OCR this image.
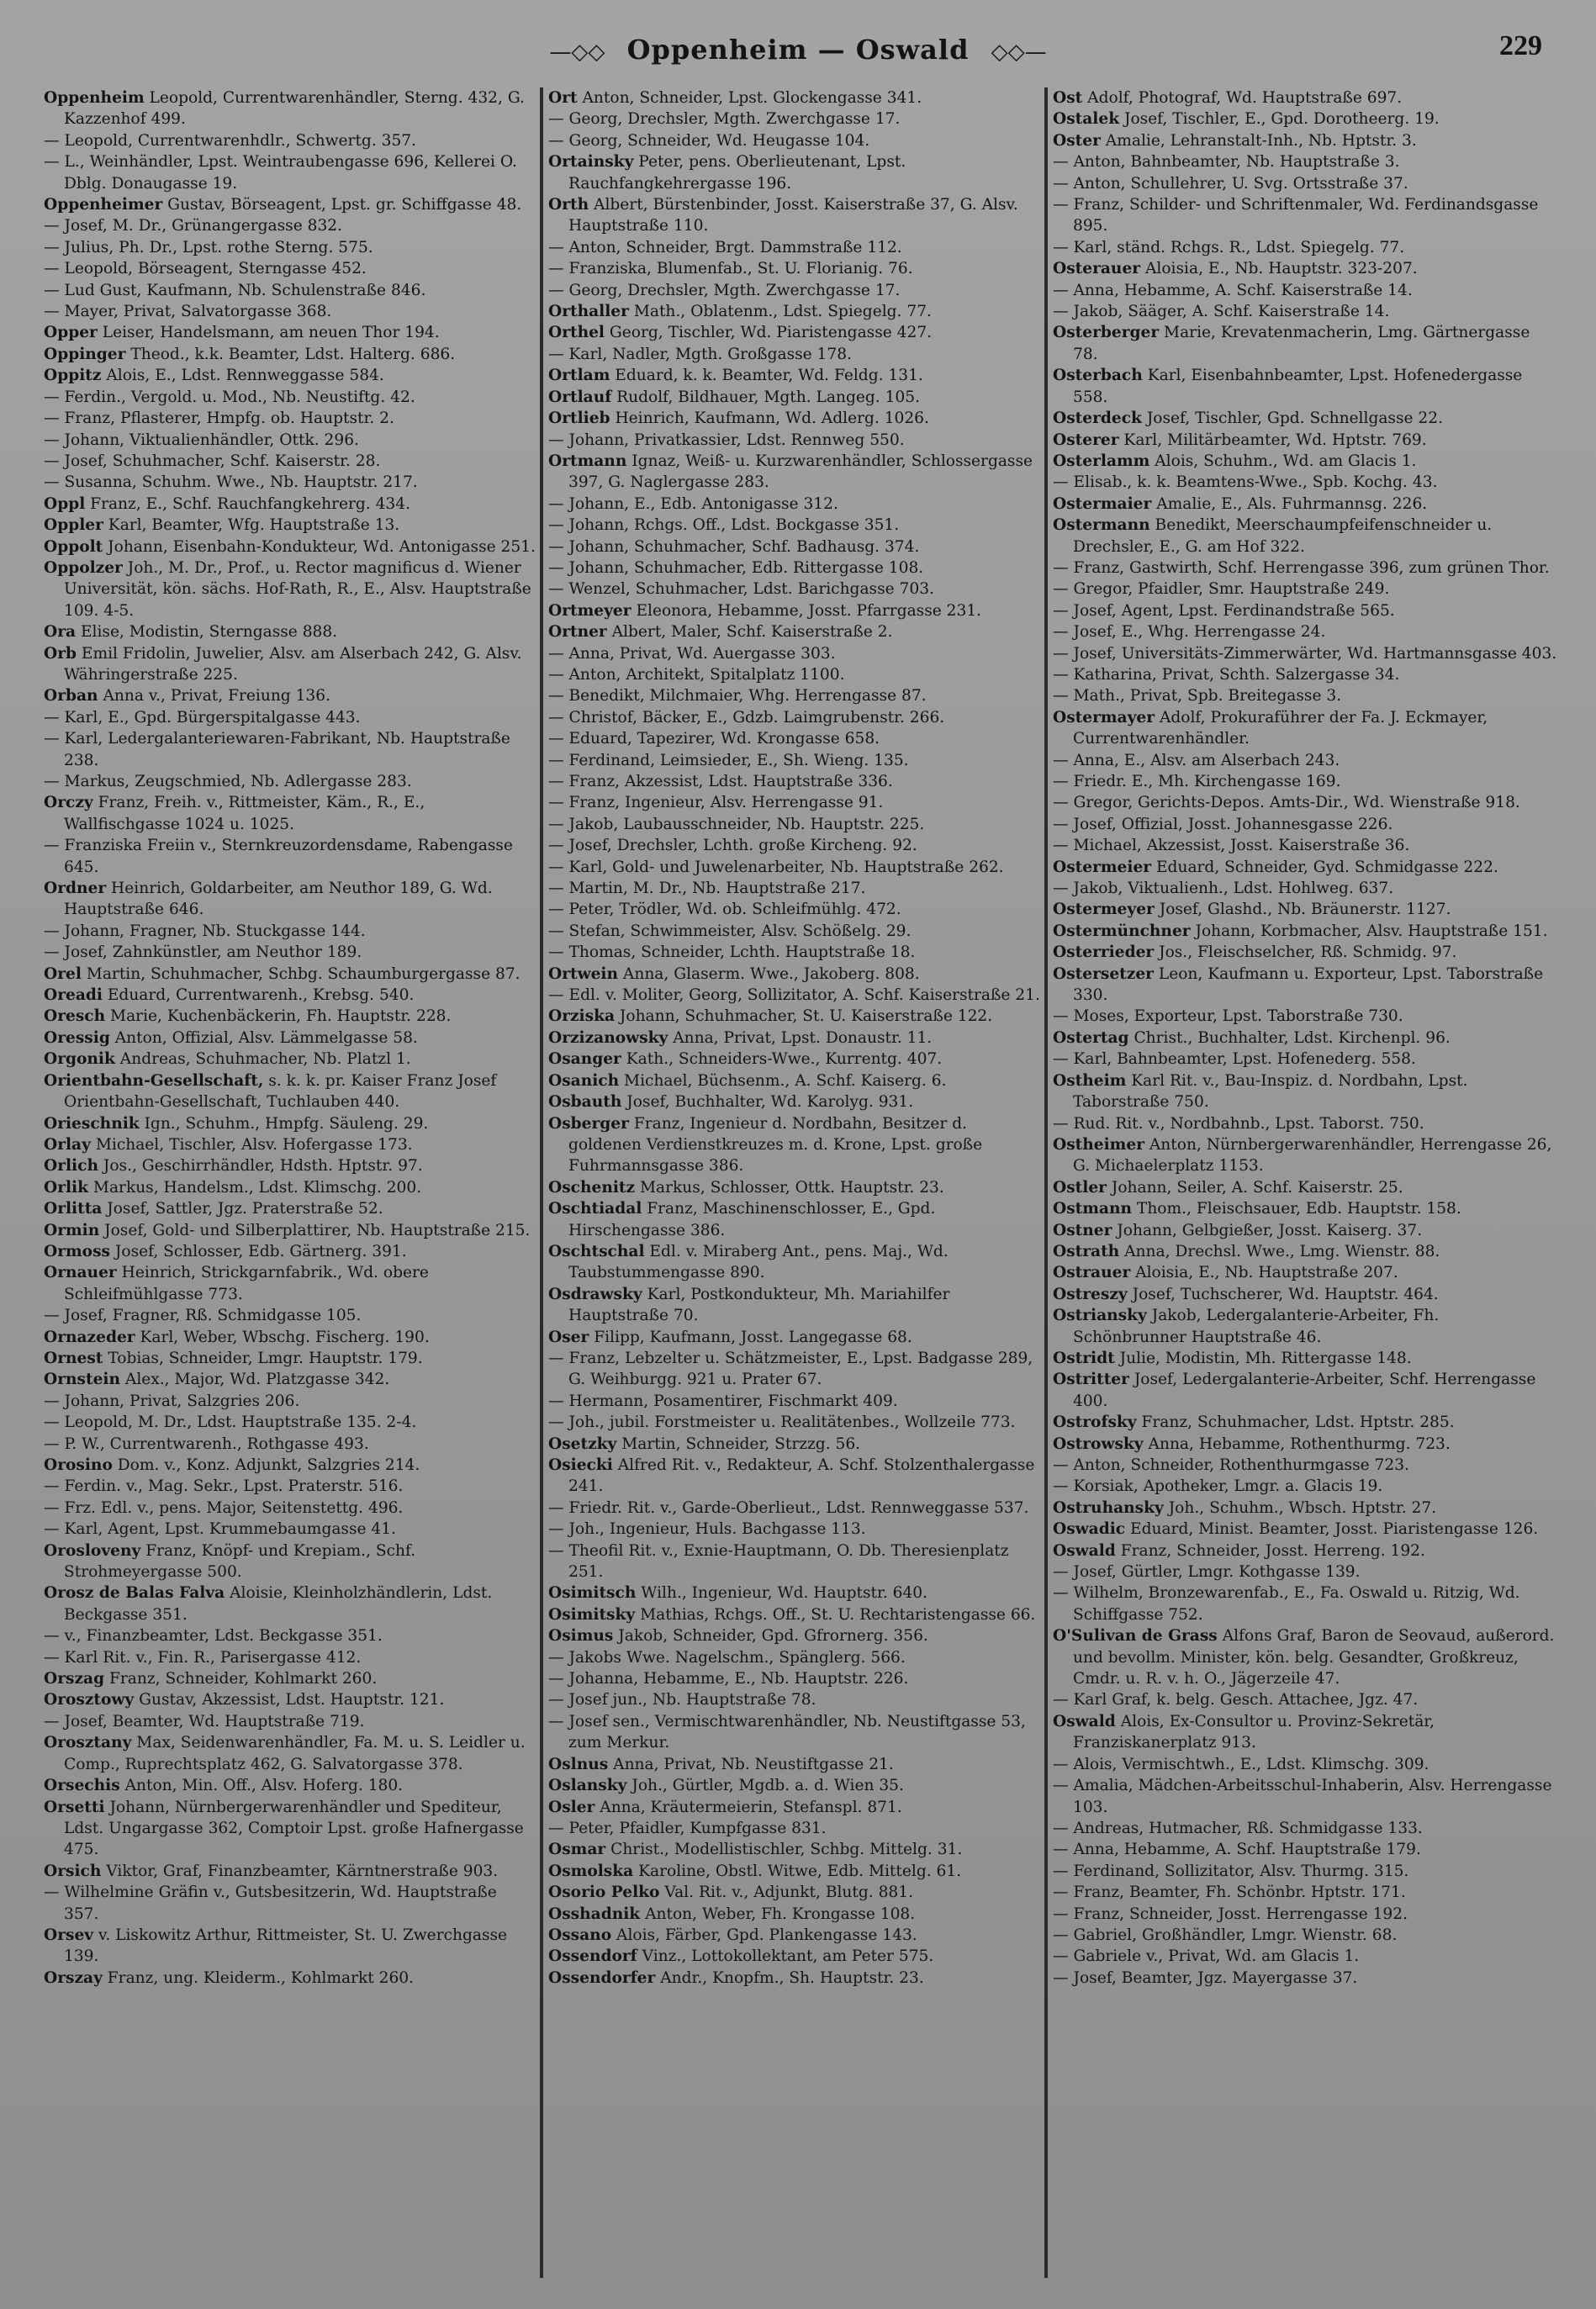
—◇◇ Oppenheim — Oswald ◇◇—	229

Oppenheim Leopold, Currentwarenhändler, Sterng. 432, G. Kazzenhof 499.

— Leopold, Currentwarenhdlr., Schwertg. 357.

— L., Weinhändler, Lpst. Weintraubengasse 696, Kellerei O. Dblg. Donaugasse 19.

Oppenheimer Gustav, Börseagent, Lpst. gr. Schiffgasse 48.

— Josef, M. Dr., Grünangergasse 832.

— Julius, Ph. Dr., Lpst. rothe Sterng. 575.

— Leopold, Börseagent, Sterngasse 452.

— Lud Gust, Kaufmann, Nb. Schulenstraße 846.

— Mayer, Privat, Salvatorgasse 368.

Opper Leiser, Handelsmann, am neuen Thor 194.

Oppinger Theod., k.k. Beamter, Ldst. Halterg. 686.

Oppitz Alois, E., Ldst. Rennweggasse 584.

— Ferdin., Vergold. u. Mod., Nb. Neustiftg. 42.

— Franz, Pflasterer, Hmpfg. ob. Hauptstr. 2.

— Johann, Viktualienhändler, Ottk. 296.

— Josef, Schuhmacher, Schf. Kaiserstr. 28.

— Susanna, Schuhm. Wwe., Nb. Hauptstr. 217.

Oppl Franz, E., Schf. Rauchfangkehrerg. 434.

Oppler Karl, Beamter, Wfg. Hauptstraße 13.

Oppolt Johann, Eisenbahn-Kondukteur, Wd. Antonigasse 251.

Oppolzer Joh., M. Dr., Prof., u. Rector magnificus d. Wiener Universität, kön. sächs. Hof-Rath, R., E., Alsv. Hauptstraße 109. 4-5.

Ora Elise, Modistin, Sterngasse 888.

Orb Emil Fridolin, Juwelier, Alsv. am Alserbach 242, G. Alsv. Währingerstraße 225.

Orban Anna v., Privat, Freiung 136.

— Karl, E., Gpd. Bürgerspitalgasse 443.

— Karl, Ledergalanteriewaren-Fabrikant, Nb. Hauptstraße 238.

— Markus, Zeugschmied, Nb. Adlergasse 283.

Orczy Franz, Freih. v., Rittmeister, Käm., R., E., Wallfischgasse 1024 u. 1025.

— Franziska Freiin v., Sternkreuzordensdame, Rabengasse 645.

Ordner Heinrich, Goldarbeiter, am Neuthor 189, G. Wd. Hauptstraße 646.

— Johann, Fragner, Nb. Stuckgasse 144.

— Josef, Zahnkünstler, am Neuthor 189.

Orel Martin, Schuhmacher, Schbg. Schaumburgergasse 87.

Oreadi Eduard, Currentwarenh., Krebsg. 540.

Oresch Marie, Kuchenbäckerin, Fh. Hauptstr. 228.

Oressig Anton, Offizial, Alsv. Lämmelgasse 58.

Orgonik Andreas, Schuhmacher, Nb. Platzl 1.

Orientbahn-Gesellschaft, s. k. k. pr. Kaiser Franz Josef Orientbahn-Gesellschaft, Tuchlauben 440.

Orieschnik Ign., Schuhm., Hmpfg. Säuleng. 29.

Orlay Michael, Tischler, Alsv. Hofergasse 173.

Orlich Jos., Geschirrhändler, Hdsth. Hptstr. 97.

Orlik Markus, Handelsm., Ldst. Klimschg. 200.

Orlitta Josef, Sattler, Jgz. Praterstraße 52.

Ormin Josef, Gold- und Silberplattirer, Nb. Hauptstraße 215.

Ormoss Josef, Schlosser, Edb. Gärtnerg. 391.

Ornauer Heinrich, Strickgarnfabrik., Wd. obere Schleifmühlgasse 773.

— Josef, Fragner, Rß. Schmidgasse 105.

Ornazeder Karl, Weber, Wbschg. Fischerg. 190.

Ornest Tobias, Schneider, Lmgr. Hauptstr. 179.

Ornstein Alex., Major, Wd. Platzgasse 342.

— Johann, Privat, Salzgries 206.

— Leopold, M. Dr., Ldst. Hauptstraße 135. 2-4.

— P. W., Currentwarenh., Rothgasse 493.

Orosino Dom. v., Konz. Adjunkt, Salzgries 214.

— Ferdin. v., Mag. Sekr., Lpst. Praterstr. 516.

— Frz. Edl. v., pens. Major, Seitenstettg. 496.

— Karl, Agent, Lpst. Krummebaumgasse 41.

Orosloveny Franz, Knöpf- und Krepiam., Schf. Strohmeyergasse 500.

Orosz de Balas Falva Aloisie, Kleinholzhändlerin, Ldst. Beckgasse 351.

— v., Finanzbeamter, Ldst. Beckgasse 351.

— Karl Rit. v., Fin. R., Parisergasse 412.

Orszag Franz, Schneider, Kohlmarkt 260.

Orosztowy Gustav, Akzessist, Ldst. Hauptstr. 121.

— Josef, Beamter, Wd. Hauptstraße 719.

Orosztany Max, Seidenwarenhändler, Fa. M. u. S. Leidler u. Comp., Ruprechtsplatz 462, G. Salvatorgasse 378.

Orsechis Anton, Min. Off., Alsv. Hoferg. 180.

Orsetti Johann, Nürnbergerwarenhändler und Spediteur, Ldst. Ungargasse 362, Comptoir Lpst. große Hafnergasse 475.

Orsich Viktor, Graf, Finanzbeamter, Kärntnerstraße 903.

— Wilhelmine Gräfin v., Gutsbesitzerin, Wd. Hauptstraße 357.

Orsev v. Liskowitz Arthur, Rittmeister, St. U. Zwerchgasse 139.

Orszay Franz, ung. Kleiderm., Kohlmarkt 260.

Ort Anton, Schneider, Lpst. Glockengasse 341.

— Georg, Drechsler, Mgth. Zwerchgasse 17.

— Georg, Schneider, Wd. Heugasse 104.

Ortainsky Peter, pens. Oberlieutenant, Lpst. Rauchfangkehrergasse 196.

Orth Albert, Bürstenbinder, Josst. Kaiserstraße 37, G. Alsv. Hauptstraße 110.

— Anton, Schneider, Brgt. Dammstraße 112.

— Franziska, Blumenfab., St. U. Florianig. 76.

— Georg, Drechsler, Mgth. Zwerchgasse 17.

Orthaller Math., Oblatenm., Ldst. Spiegelg. 77.

Orthel Georg, Tischler, Wd. Piaristengasse 427.

— Karl, Nadler, Mgth. Großgasse 178.

Ortlam Eduard, k. k. Beamter, Wd. Feldg. 131.

Ortlauf Rudolf, Bildhauer, Mgth. Langeg. 105.

Ortlieb Heinrich, Kaufmann, Wd. Adlerg. 1026.

— Johann, Privatkassier, Ldst. Rennweg 550.

Ortmann Ignaz, Weiß- u. Kurzwarenhändler, Schlossergasse 397, G. Naglergasse 283.

— Johann, E., Edb. Antonigasse 312.

— Johann, Rchgs. Off., Ldst. Bockgasse 351.

— Johann, Schuhmacher, Schf. Badhausg. 374.

— Johann, Schuhmacher, Edb. Rittergasse 108.

— Wenzel, Schuhmacher, Ldst. Barichgasse 703.

Ortmeyer Eleonora, Hebamme, Josst. Pfarrgasse 231.

Ortner Albert, Maler, Schf. Kaiserstraße 2.

— Anna, Privat, Wd. Auergasse 303.

— Anton, Architekt, Spitalplatz 1100.

— Benedikt, Milchmaier, Whg. Herrengasse 87.

— Christof, Bäcker, E., Gdzb. Laimgrubenstr. 266.

— Eduard, Tapezirer, Wd. Krongasse 658.

— Ferdinand, Leimsieder, E., Sh. Wieng. 135.

— Franz, Akzessist, Ldst. Hauptstraße 336.

— Franz, Ingenieur, Alsv. Herrengasse 91.

— Jakob, Laubausschneider, Nb. Hauptstr. 225.

— Josef, Drechsler, Lchth. große Kircheng. 92.

— Karl, Gold- und Juwelenarbeiter, Nb. Hauptstraße 262.

— Martin, M. Dr., Nb. Hauptstraße 217.

— Peter, Trödler, Wd. ob. Schleifmühlg. 472.

— Stefan, Schwimmeister, Alsv. Schößelg. 29.

— Thomas, Schneider, Lchth. Hauptstraße 18.

Ortwein Anna, Glaserm. Wwe., Jakoberg. 808.

— Edl. v. Moliter, Georg, Sollizitator, A. Schf. Kaiserstraße 21.

Orziska Johann, Schuhmacher, St. U. Kaiserstraße 122.

Orzizanowsky Anna, Privat, Lpst. Donaustr. 11.

Osanger Kath., Schneiders-Wwe., Kurrentg. 407.

Osanich Michael, Büchsenm., A. Schf. Kaiserg. 6.

Osbauth Josef, Buchhalter, Wd. Karolyg. 931.

Osberger Franz, Ingenieur d. Nordbahn, Besitzer d. goldenen Verdienstkreuzes m. d. Krone, Lpst. große Fuhrmannsgasse 386.

Oschenitz Markus, Schlosser, Ottk. Hauptstr. 23.

Oschtiadal Franz, Maschinenschlosser, E., Gpd. Hirschengasse 386.

Oschtschal Edl. v. Miraberg Ant., pens. Maj., Wd. Taubstummengasse 890.

Osdrawsky Karl, Postkondukteur, Mh. Mariahilfer Hauptstraße 70.

Oser Filipp, Kaufmann, Josst. Langegasse 68.

— Franz, Lebzelter u. Schätzmeister, E., Lpst. Badgasse 289, G. Weihburgg. 921 u. Prater 67.

— Hermann, Posamentirer, Fischmarkt 409.

— Joh., jubil. Forstmeister u. Realitätenbes., Wollzeile 773.

Osetzky Martin, Schneider, Strzzg. 56.

Osiecki Alfred Rit. v., Redakteur, A. Schf. Stolzenthalergasse 241.

— Friedr. Rit. v., Garde-Oberlieut., Ldst. Rennweggasse 537.

— Joh., Ingenieur, Huls. Bachgasse 113.

— Theofil Rit. v., Exnie-Hauptmann, O. Db. Theresienplatz 251.

Osimitsch Wilh., Ingenieur, Wd. Hauptstr. 640.

Osimitsky Mathias, Rchgs. Off., St. U. Rechtaristengasse 66.

Osimus Jakob, Schneider, Gpd. Gfrornerg. 356.

— Jakobs Wwe. Nagelschm., Spänglerg. 566.

— Johanna, Hebamme, E., Nb. Hauptstr. 226.

— Josef jun., Nb. Hauptstraße 78.

— Josef sen., Vermischtwarenhändler, Nb. Neustiftgasse 53, zum Merkur.

Oslnus Anna, Privat, Nb. Neustiftgasse 21.

Oslansky Joh., Gürtler, Mgdb. a. d. Wien 35.

Osler Anna, Kräutermeierin, Stefanspl. 871.

— Peter, Pfaidler, Kumpfgasse 831.

Osmar Christ., Modellistischler, Schbg. Mittelg. 31.

Osmolska Karoline, Obstl. Witwe, Edb. Mittelg. 61.

Osorio Pelko Val. Rit. v., Adjunkt, Blutg. 881.

Osshadnik Anton, Weber, Fh. Krongasse 108.

Ossano Alois, Färber, Gpd. Plankengasse 143.

Ossendorf Vinz., Lottokollektant, am Peter 575.

Ossendorfer Andr., Knopfm., Sh. Hauptstr. 23.

Ost Adolf, Photograf, Wd. Hauptstraße 697.

Ostalek Josef, Tischler, E., Gpd. Dorotheerg. 19.

Oster Amalie, Lehranstalt-Inh., Nb. Hptstr. 3.

— Anton, Bahnbeamter, Nb. Hauptstraße 3.

— Anton, Schullehrer, U. Svg. Ortsstraße 37.

— Franz, Schilder- und Schriftenmaler, Wd. Ferdinandsgasse 895.

— Karl, ständ. Rchgs. R., Ldst. Spiegelg. 77.

Osterauer Aloisia, E., Nb. Hauptstr. 323-207.

— Anna, Hebamme, A. Schf. Kaiserstraße 14.

— Jakob, Sääger, A. Schf. Kaiserstraße 14.

Osterberger Marie, Krevatenmacherin, Lmg. Gärtnergasse 78.

Osterbach Karl, Eisenbahnbeamter, Lpst. Hofenedergasse 558.

Osterdeck Josef, Tischler, Gpd. Schnellgasse 22.

Osterer Karl, Militärbeamter, Wd. Hptstr. 769.

Osterlamm Alois, Schuhm., Wd. am Glacis 1.

— Elisab., k. k. Beamtens-Wwe., Spb. Kochg. 43.

Ostermaier Amalie, E., Als. Fuhrmannsg. 226.

Ostermann Benedikt, Meerschaumpfeifenschneider u. Drechsler, E., G. am Hof 322.

— Franz, Gastwirth, Schf. Herrengasse 396, zum grünen Thor.

— Gregor, Pfaidler, Smr. Hauptstraße 249.

— Josef, Agent, Lpst. Ferdinandstraße 565.

— Josef, E., Whg. Herrengasse 24.

— Josef, Universitäts-Zimmerwärter, Wd. Hartmannsgasse 403.

— Katharina, Privat, Schth. Salzergasse 34.

— Math., Privat, Spb. Breitegasse 3.

Ostermayer Adolf, Prokuraführer der Fa. J. Eckmayer, Currentwarenhändler.

— Anna, E., Alsv. am Alserbach 243.

— Friedr. E., Mh. Kirchengasse 169.

— Gregor, Gerichts-Depos. Amts-Dir., Wd. Wienstraße 918.

— Josef, Offizial, Josst. Johannesgasse 226.

— Michael, Akzessist, Josst. Kaiserstraße 36.

Ostermeier Eduard, Schneider, Gyd. Schmidgasse 222.

— Jakob, Viktualienh., Ldst. Hohlweg. 637.

Ostermeyer Josef, Glashd., Nb. Bräunerstr. 1127.

Ostermünchner Johann, Korbmacher, Alsv. Hauptstraße 151.

Osterrieder Jos., Fleischselcher, Rß. Schmidg. 97.

Ostersetzer Leon, Kaufmann u. Exporteur, Lpst. Taborstraße 330.

— Moses, Exporteur, Lpst. Taborstraße 730.

Ostertag Christ., Buchhalter, Ldst. Kirchenpl. 96.

— Karl, Bahnbeamter, Lpst. Hofenederg. 558.

Ostheim Karl Rit. v., Bau-Inspiz. d. Nordbahn, Lpst. Taborstraße 750.

— Rud. Rit. v., Nordbahnb., Lpst. Taborst. 750.

Ostheimer Anton, Nürnbergerwarenhändler, Herrengasse 26, G. Michaelerplatz 1153.

Ostler Johann, Seiler, A. Schf. Kaiserstr. 25.

Ostmann Thom., Fleischsauer, Edb. Hauptstr. 158.

Ostner Johann, Gelbgießer, Josst. Kaiserg. 37.

Ostrath Anna, Drechsl. Wwe., Lmg. Wienstr. 88.

Ostrauer Aloisia, E., Nb. Hauptstraße 207.

Ostreszy Josef, Tuchscherer, Wd. Hauptstr. 464.

Ostriansky Jakob, Ledergalanterie-Arbeiter, Fh. Schönbrunner Hauptstraße 46.

Ostridt Julie, Modistin, Mh. Rittergasse 148.

Ostritter Josef, Ledergalanterie-Arbeiter, Schf. Herrengasse 400.

Ostrofsky Franz, Schuhmacher, Ldst. Hptstr. 285.

Ostrowsky Anna, Hebamme, Rothenthurmg. 723.

— Anton, Schneider, Rothenthurmgasse 723.

— Korsiak, Apotheker, Lmgr. a. Glacis 19.

Ostruhansky Joh., Schuhm., Wbsch. Hptstr. 27.

Oswadic Eduard, Minist. Beamter, Josst. Piaristengasse 126.

Oswald Franz, Schneider, Josst. Herreng. 192.

— Josef, Gürtler, Lmgr. Kothgasse 139.

— Wilhelm, Bronzewarenfab., E., Fa. Oswald u. Ritzig, Wd. Schiffgasse 752.

O'Sulivan de Grass Alfons Graf, Baron de Seovaud, außerord. und bevollm. Minister, kön. belg. Gesandter, Großkreuz, Cmdr. u. R. v. h. O., Jägerzeile 47.

— Karl Graf, k. belg. Gesch. Attachee, Jgz. 47.

Oswald Alois, Ex-Consultor u. Provinz-Sekretär, Franziskanerplatz 913.

— Alois, Vermischtwh., E., Ldst. Klimschg. 309.

— Amalia, Mädchen-Arbeitsschul-Inhaberin, Alsv. Herrengasse 103.

— Andreas, Hutmacher, Rß. Schmidgasse 133.

— Anna, Hebamme, A. Schf. Hauptstraße 179.

— Ferdinand, Sollizitator, Alsv. Thurmg. 315.

— Franz, Beamter, Fh. Schönbr. Hptstr. 171.

— Franz, Schneider, Josst. Herrengasse 192.

— Gabriel, Großhändler, Lmgr. Wienstr. 68.

— Gabriele v., Privat, Wd. am Glacis 1.

— Josef, Beamter, Jgz. Mayergasse 37.
